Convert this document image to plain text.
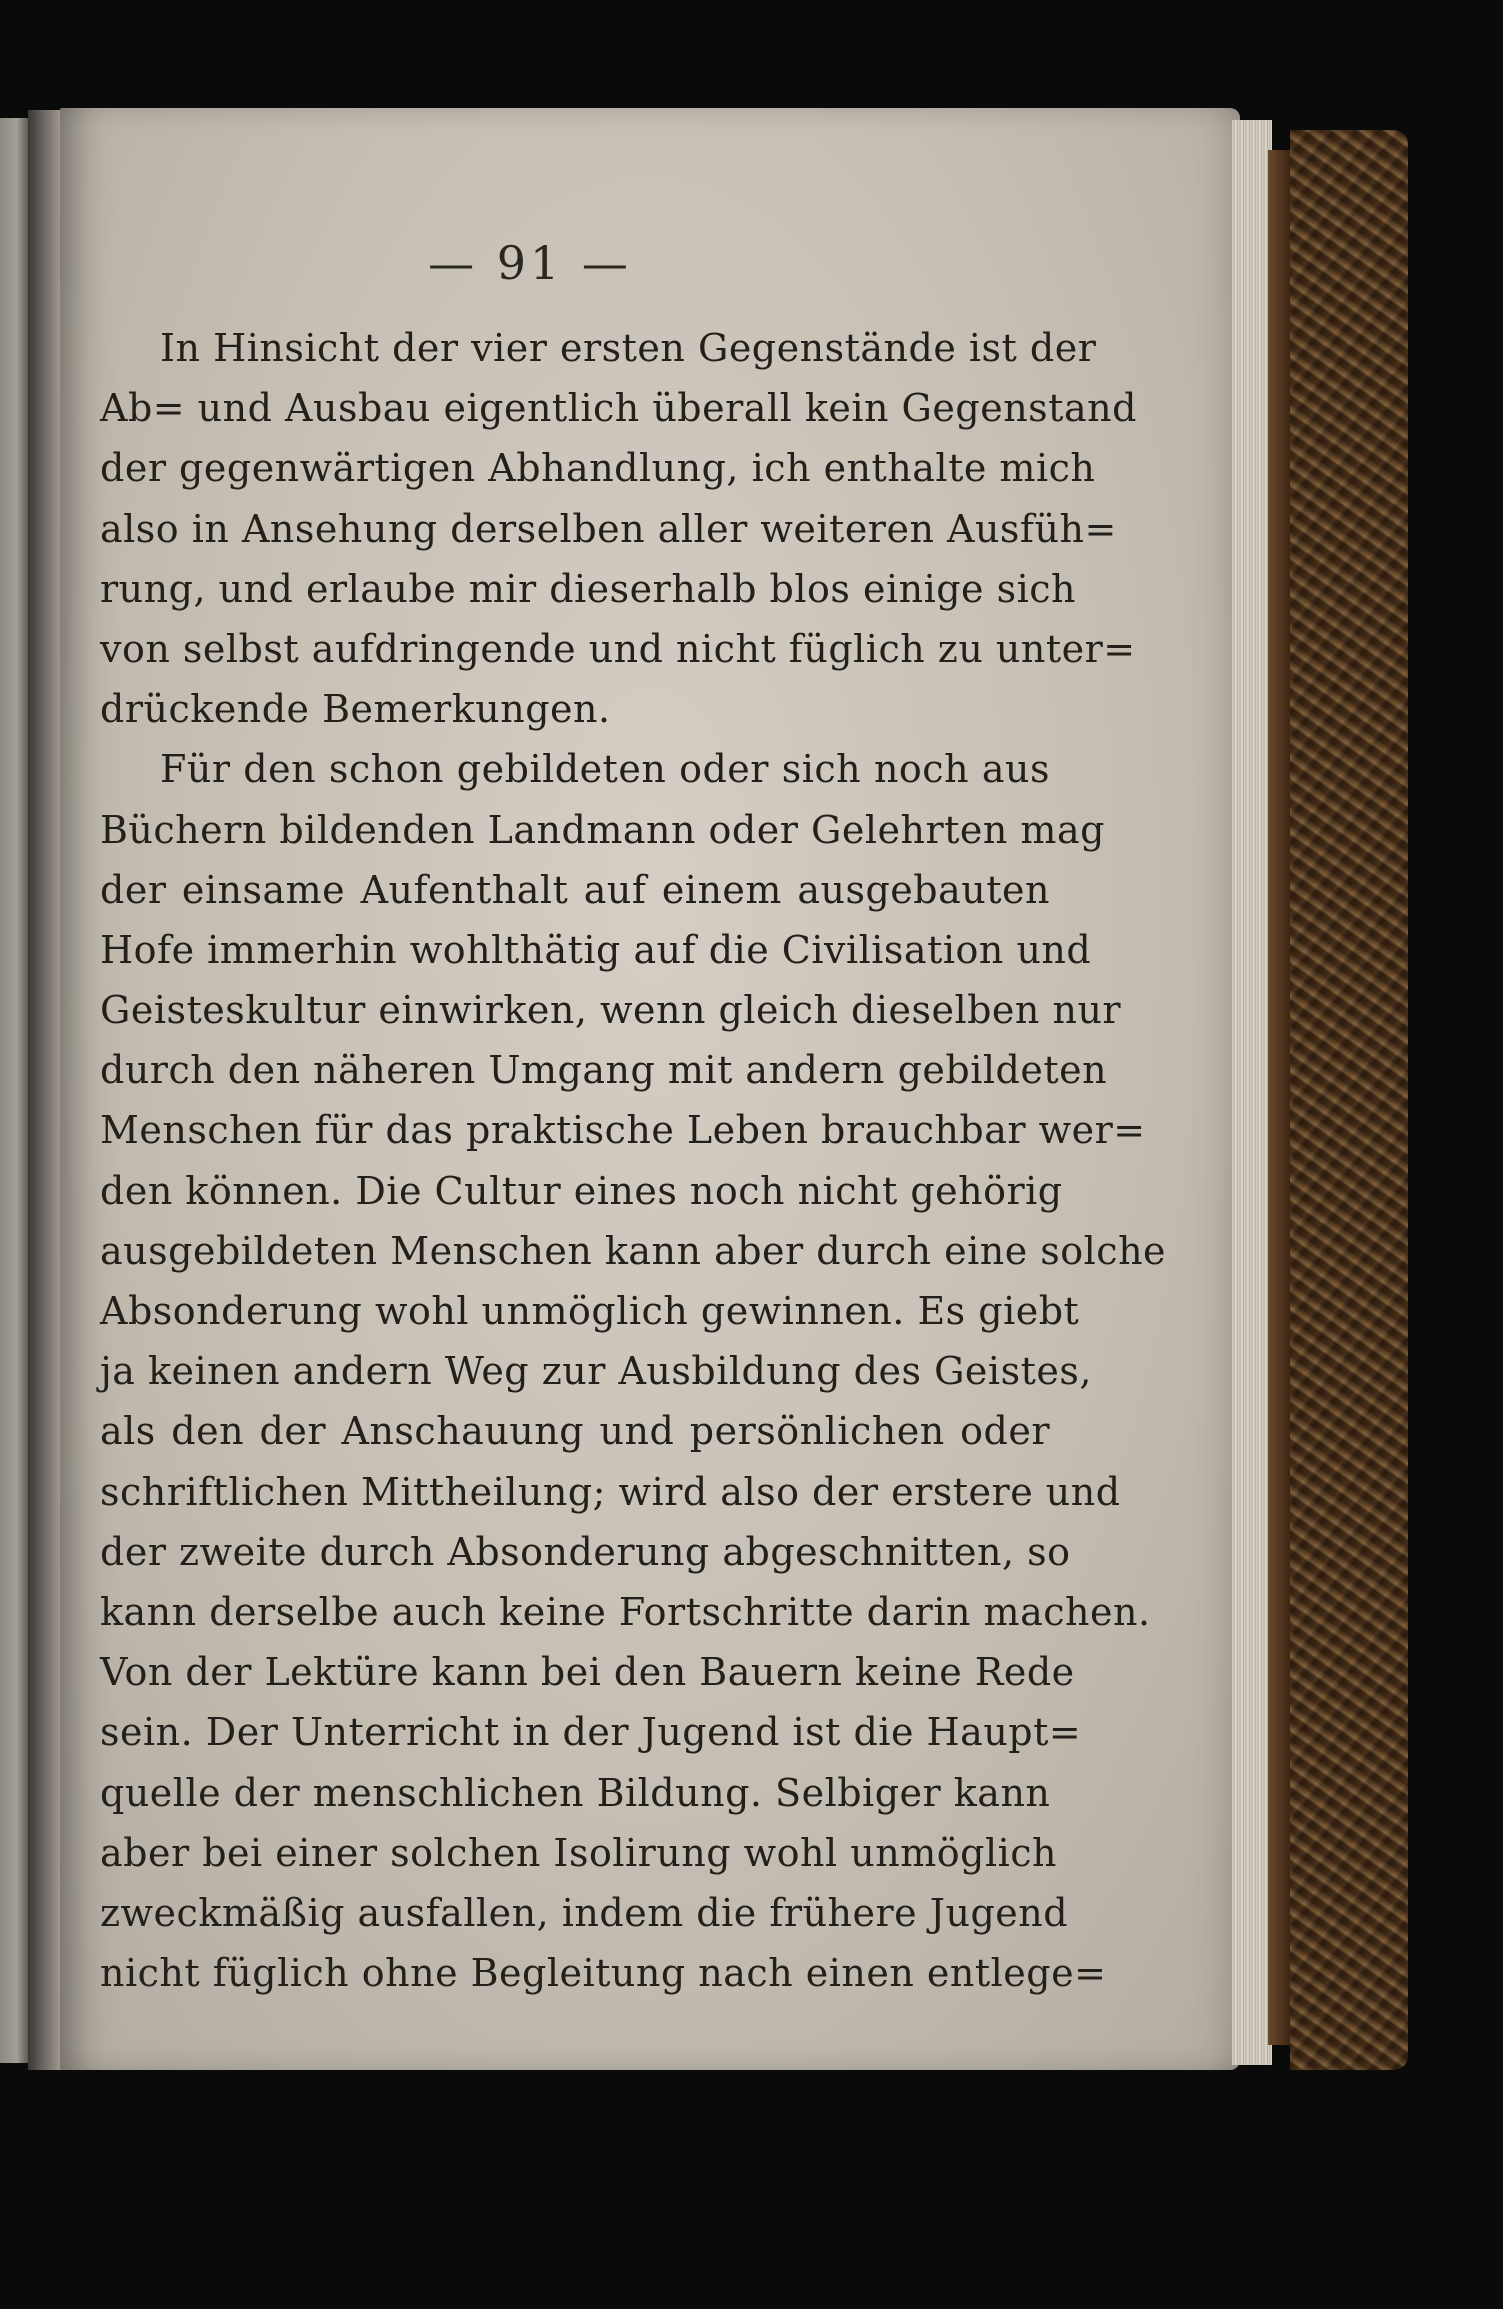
— 91 —
In Hinsicht der vier ersten Gegenstände ist der
Ab= und Ausbau eigentlich überall kein Gegenstand
der gegenwärtigen Abhandlung, ich enthalte mich
also in Ansehung derselben aller weiteren Ausfüh=
rung, und erlaube mir dieserhalb blos einige sich
von selbst aufdringende und nicht füglich zu unter=
drückende Bemerkungen.
Für den schon gebildeten oder sich noch aus
Büchern bildenden Landmann oder Gelehrten mag
der einsame Aufenthalt auf einem ausgebauten
Hofe immerhin wohlthätig auf die Civilisation und
Geisteskultur einwirken, wenn gleich dieselben nur
durch den näheren Umgang mit andern gebildeten
Menschen für das praktische Leben brauchbar wer=
den können. Die Cultur eines noch nicht gehörig
ausgebildeten Menschen kann aber durch eine solche
Absonderung wohl unmöglich gewinnen. Es giebt
ja keinen andern Weg zur Ausbildung des Geistes,
als den der Anschauung und persönlichen oder
schriftlichen Mittheilung; wird also der erstere und
der zweite durch Absonderung abgeschnitten, so
kann derselbe auch keine Fortschritte darin machen.
Von der Lektüre kann bei den Bauern keine Rede
sein. Der Unterricht in der Jugend ist die Haupt=
quelle der menschlichen Bildung. Selbiger kann
aber bei einer solchen Isolirung wohl unmöglich
zweckmäßig ausfallen, indem die frühere Jugend
nicht füglich ohne Begleitung nach einen entlege=
